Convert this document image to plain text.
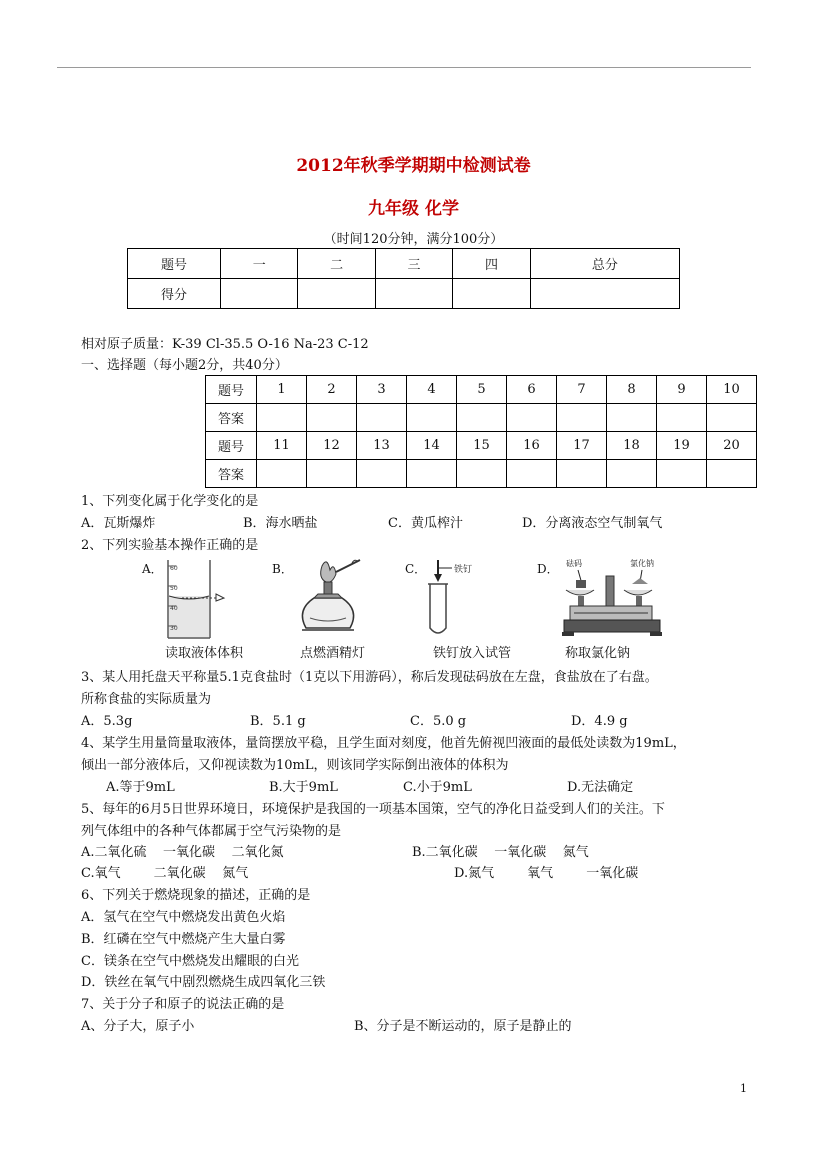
2012年秋季学期期中检测试卷
九年级 化学
（时间120分钟，满分100分）
题号	一	二	三	四	总分
得分					
相对原子质量：K-39 Cl-35.5 O-16 Na-23 C-12
一、选择题（每小题2分，共40分）
题号	1	2	3	4	5	6	7	8	9	10
答案										
题号	11	12	13	14	15	16	17	18	19	20
答案										
1、下列变化属于化学变化的是
A．瓦斯爆炸	B．海水晒盐	C．黄瓜榨汁	D．分离液态空气制氧气
2、下列实验基本操作正确的是
A．	B．	C．	D．
60
50
40
30
读取液体体积	点燃酒精灯
铁钉
铁钉放入试管
砝码	氯化钠
称取氯化钠
3、某人用托盘天平称量5.1克食盐时（1克以下用游码），称后发现砝码放在左盘，食盐放在了右盘。
所称食盐的实际质量为
A．5.3g	B．5.1 g	C．5.0 g	D．4.9 g
4、某学生用量筒量取液体，量筒摆放平稳，且学生面对刻度，他首先俯视凹液面的最低处读数为19mL，
倾出一部分液体后，又仰视读数为10mL，则该同学实际倒出液体的体积为
A.等于9mL	B.大于9mL	C.小于9mL	D.无法确定
5、每年的6月5日世界环境日，环境保护是我国的一项基本国策，空气的净化日益受到人们的关注。下
列气体组中的各种气体都属于空气污染物的是
A.二氧化硫    一氧化碳    二氧化氮	B.二氧化碳    一氧化碳    氮气
C.氧气        二氧化碳    氮气	D.氮气        氧气        一氧化碳
6、下列关于燃烧现象的描述，正确的是
A．氢气在空气中燃烧发出黄色火焰
B．红磷在空气中燃烧产生大量白雾
C．镁条在空气中燃烧发出耀眼的白光
D．铁丝在氧气中剧烈燃烧生成四氧化三铁
7、关于分子和原子的说法正确的是
A、分子大，原子小	B、分子是不断运动的，原子是静止的
1
